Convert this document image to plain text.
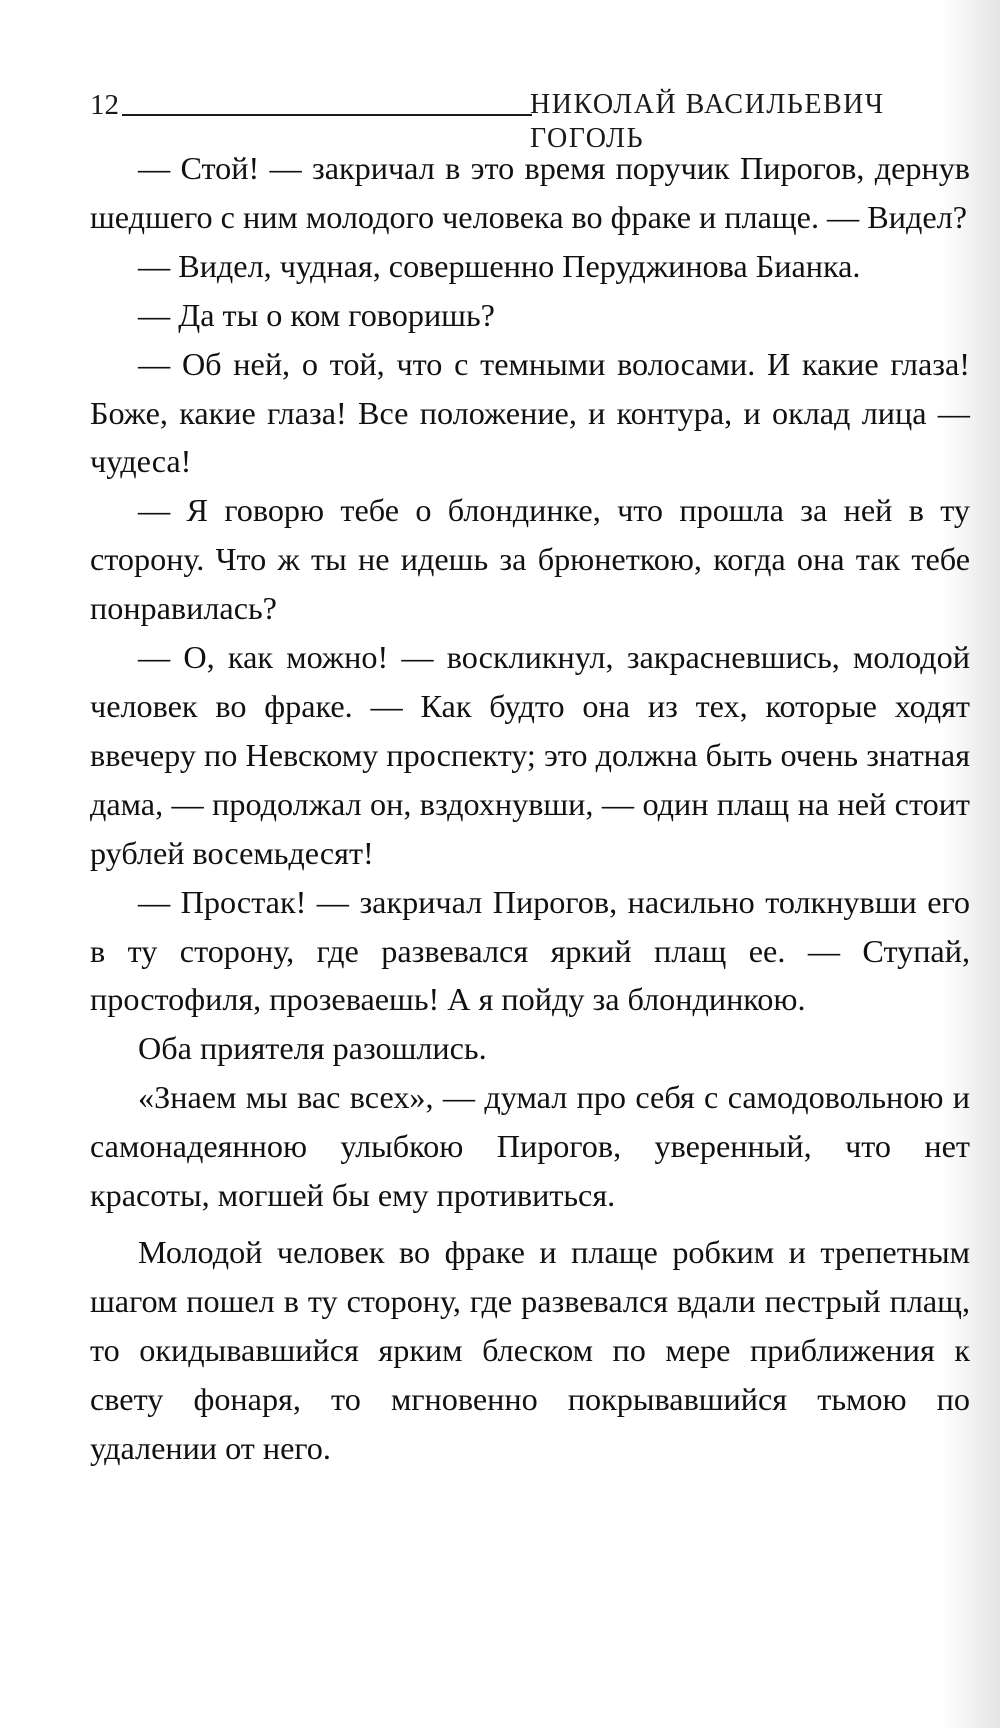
12	НИКОЛАЙ ВАСИЛЬЕВИЧ ГОГОЛЬ

— Стой! — закричал в это время поручик Пирогов, дернув шедшего с ним молодого человека во фраке и плаще. — Видел?

— Видел, чудная, совершенно Перуджинова Бианка.

— Да ты о ком говоришь?

— Об ней, о той, что с темными волосами. И какие глаза! Боже, какие глаза! Все положение, и контура, и оклад лица — чудеса!

— Я говорю тебе о блондинке, что прошла за ней в ту сторону. Что ж ты не идешь за брюнеткою, когда она так тебе понравилась?

— О, как можно! — воскликнул, закрасневшись, молодой человек во фраке. — Как будто она из тех, которые ходят ввечеру по Невскому проспекту; это должна быть очень знатная дама, — продолжал он, вздохнувши, — один плащ на ней стоит рублей восемьдесят!

— Простак! — закричал Пирогов, насильно толкнувши его в ту сторону, где развевался яркий плащ ее. — Ступай, простофиля, прозеваешь! А я пойду за блондинкою.

Оба приятеля разошлись.

«Знаем мы вас всех», — думал про себя с самодовольною и самонадеянною улыбкою Пирогов, уверенный, что нет красоты, могшей бы ему противиться.

Молодой человек во фраке и плаще робким и трепетным шагом пошел в ту сторону, где развевался вдали пестрый плащ, то окидывавшийся ярким блеском по мере приближения к свету фонаря, то мгновенно покрывавшийся тьмою по удалении от него.
